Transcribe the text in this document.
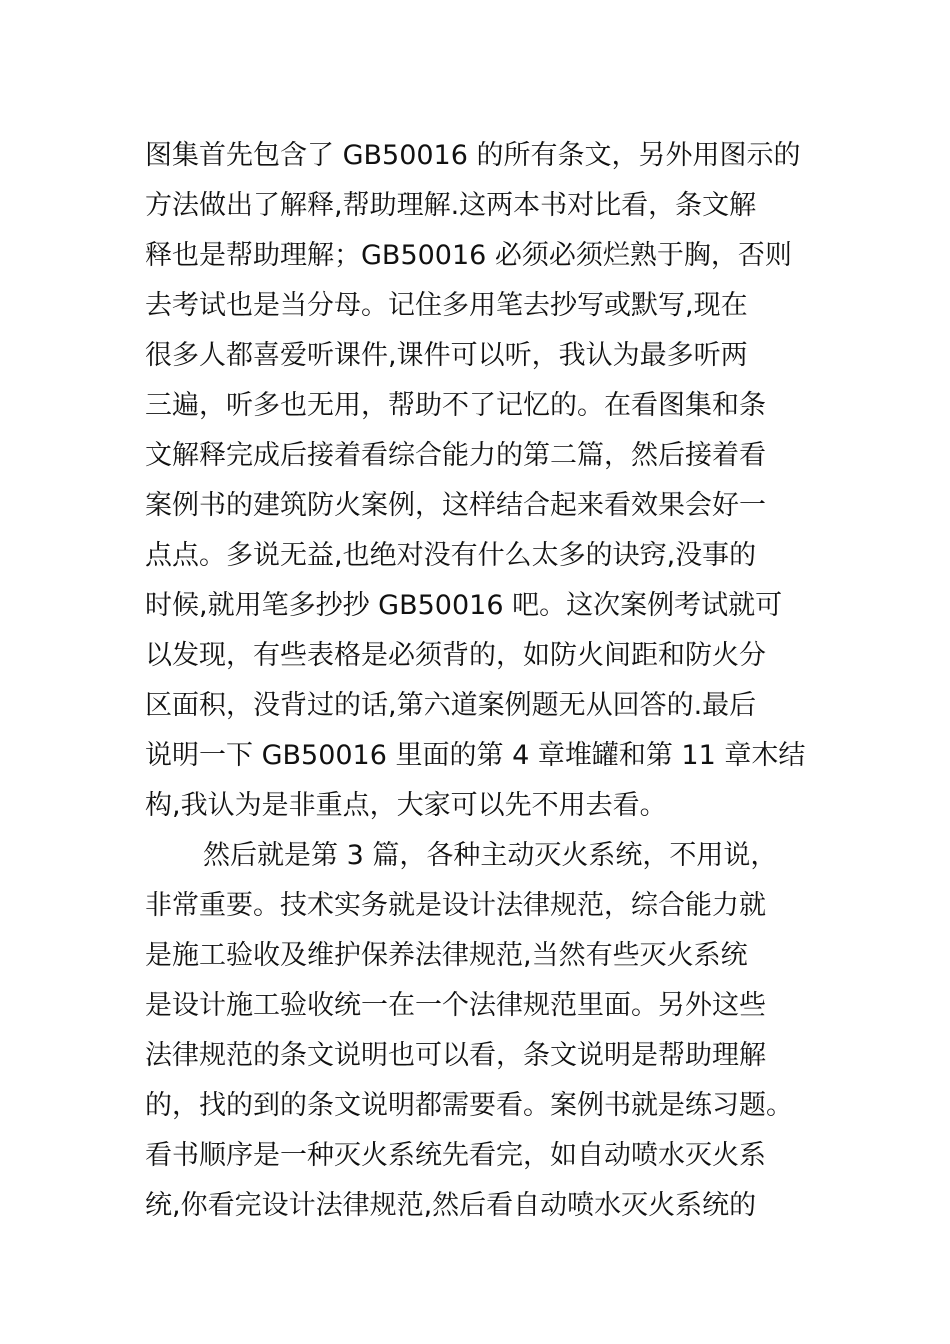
图集首先包含了 GB50016 的所有条文，另外用图示的
方法做出了解释,帮助理解.这两本书对比看，条文解
释也是帮助理解；GB50016 必须必须烂熟于胸，否则
去考试也是当分母。记住多用笔去抄写或默写,现在
很多人都喜爱听课件,课件可以听，我认为最多听两
三遍，听多也无用，帮助不了记忆的。在看图集和条
文解释完成后接着看综合能力的第二篇，然后接着看
案例书的建筑防火案例，这样结合起来看效果会好一
点点。多说无益,也绝对没有什么太多的诀窍,没事的
时候,就用笔多抄抄 GB50016 吧。这次案例考试就可
以发现，有些表格是必须背的，如防火间距和防火分
区面积，没背过的话,第六道案例题无从回答的.最后
说明一下 GB50016 里面的第 4 章堆罐和第 11 章木结
构,我认为是非重点，大家可以先不用去看。
然后就是第 3 篇，各种主动灭火系统，不用说，
非常重要。技术实务就是设计法律规范，综合能力就
是施工验收及维护保养法律规范,当然有些灭火系统
是设计施工验收统一在一个法律规范里面。另外这些
法律规范的条文说明也可以看，条文说明是帮助理解
的，找的到的条文说明都需要看。案例书就是练习题。
看书顺序是一种灭火系统先看完，如自动喷水灭火系
统,你看完设计法律规范,然后看自动喷水灭火系统的
